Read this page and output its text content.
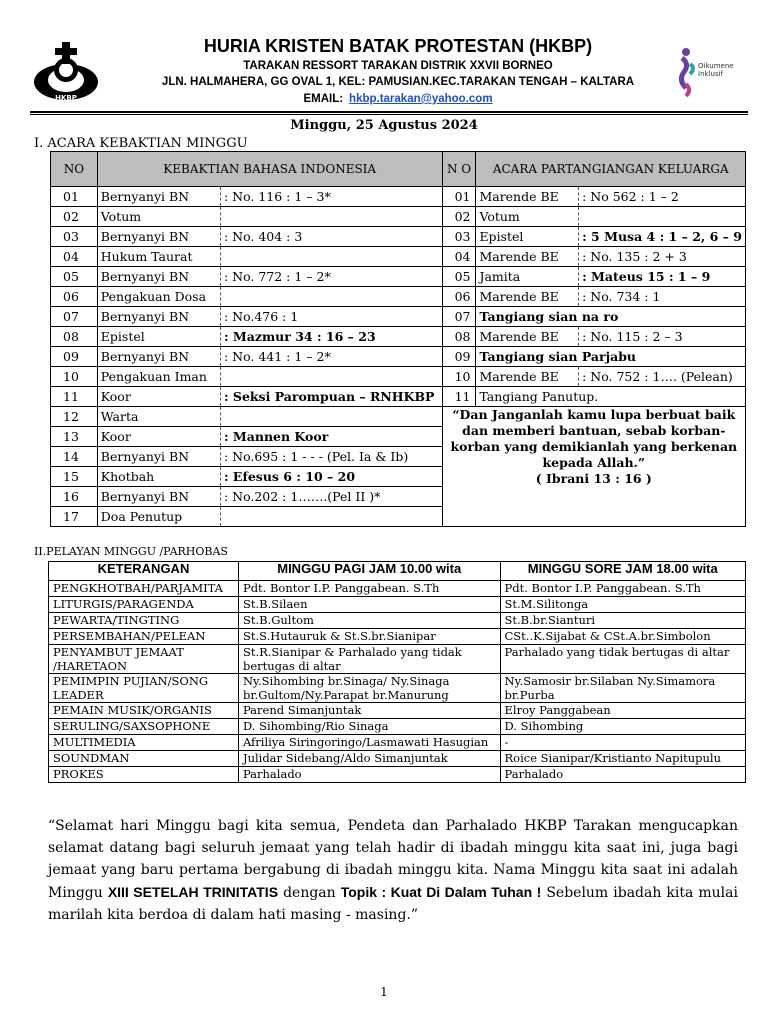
HKBP
HURIA KRISTEN BATAK PROTESTAN (HKBP)
TARAKAN RESSORT TARAKAN DISTRIK XXVII BORNEO
JLN. HALMAHERA, GG OVAL 1, KEL: PAMUSIAN.KEC.TARAKAN TENGAH – KALTARA
EMAIL: hkbp.tarakan@yahoo.com
Oikumene
Inklusif
Minggu, 25 Agustus 2024
I. ACARA KEBAKTIAN MINGGU
NO	KEBAKTIAN BAHASA INDONESIA		N O	ACARA PARTANGIANGAN KELUARGA	
01	Bernyanyi BN	: No. 116 : 1 – 3*	01	Marende BE	: No 562 : 1 – 2
02	Votum		02	Votum	
03	Bernyanyi BN	: No. 404 : 3	03	Epistel	: 5 Musa 4 : 1 – 2, 6 – 9
04	Hukum Taurat		04	Marende BE	: No. 135 : 2 + 3
05	Bernyanyi BN	: No. 772 : 1 – 2*	05	Jamita	: Mateus 15 : 1 – 9
06	Pengakuan Dosa		06	Marende BE	: No. 734 : 1
07	Bernyanyi BN	: No.476 : 1	07	Tangiang sian na ro	
08	Epistel	: Mazmur 34 : 16 – 23	08	Marende BE	: No. 115 : 2 – 3
09	Bernyanyi BN	: No. 441 : 1 – 2*	09	Tangiang sian Parjabu	
10	Pengakuan Iman		10	Marende BE	: No. 752 : 1…. (Pelean)
11	Koor	: Seksi Parompuan – RNHKBP	11	Tangiang Panutup.	
12	Warta		“Dan Janganlah kamu lupa berbuat baik dan memberi bantuan, sebab korban-korban yang demikianlah yang berkenan kepada Allah.”
( Ibrani 13 : 16 )		

13	Koor	: Mannen Koor			
14	Bernyanyi BN	: No.695 : 1 - - - (Pel. Ia & Ib)			
15	Khotbah	: Efesus 6 : 10 – 20			
16	Bernyanyi BN	: No.202 : 1…….(Pel II )*			
17	Doa Penutup				
II.PELAYAN MINGGU /PARHOBAS
KETERANGAN	MINGGU PAGI JAM 10.00 wita	MINGGU SORE JAM 18.00 wita
PENGKHOTBAH/PARJAMITA	Pdt. Bontor I.P. Panggabean. S.Th	Pdt. Bontor I.P. Panggabean. S.Th
LITURGIS/PARAGENDA	St.B.Silaen	St.M.Silitonga
PEWARTA/TINGTING	St.B.Gultom	St.B.br.Sianturi
PERSEMBAHAN/PELEAN	St.S.Hutauruk & St.S.br.Sianipar	CSt..K.Sijabat & CSt.A.br.Simbolon
PENYAMBUT JEMAAT /HARETAON	St.R.Sianipar & Parhalado yang tidak bertugas di altar	Parhalado yang tidak bertugas di altar
PEMIMPIN PUJIAN/SONG LEADER	Ny.Sihombing br.Sinaga/ Ny.Sinaga br.Gultom/Ny.Parapat br.Manurung	Ny.Samosir br.Silaban Ny.Simamora br.Purba
PEMAIN MUSIK/ORGANIS	Parend Simanjuntak	Elroy Panggabean
SERULING/SAXSOPHONE	D. Sihombing/Rio Sinaga	D. Sihombing
MULTIMEDIA	Afriliya Siringoringo/Lasmawati Hasugian	-
SOUNDMAN	Julidar Sidebang/Aldo Simanjuntak	Roice Sianipar/Kristianto Napitupulu
PROKES	Parhalado	Parhalado
“Selamat hari Minggu bagi kita semua, Pendeta dan Parhalado HKBP Tarakan mengucapkan selamat datang bagi seluruh jemaat yang telah hadir di ibadah minggu kita saat ini, juga bagi jemaat yang baru pertama bergabung di ibadah minggu kita. Nama Minggu kita saat ini adalah Minggu XIII SETELAH TRINITATIS dengan Topik : Kuat Di Dalam Tuhan ! Sebelum ibadah kita mulai marilah kita berdoa di dalam hati masing - masing.”
1
